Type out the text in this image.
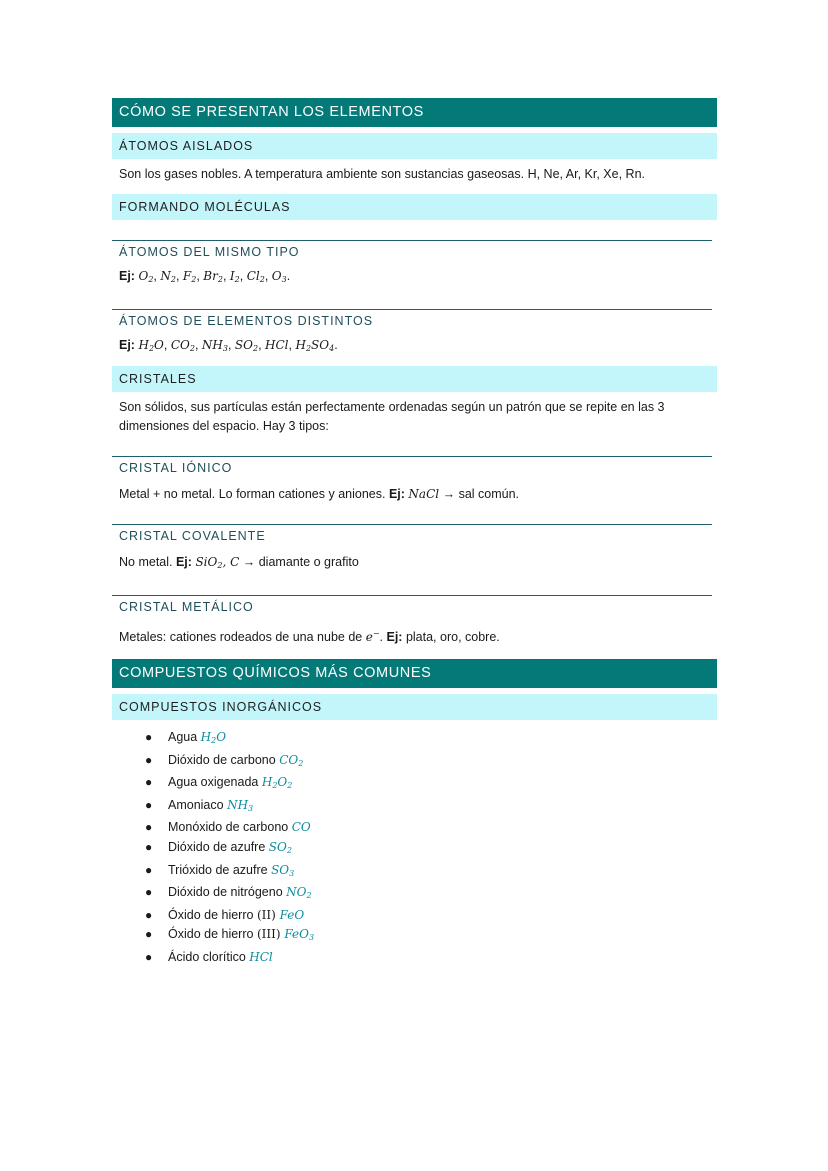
CÓMO SE PRESENTAN LOS ELEMENTOS
ÁTOMOS AISLADOS

Son los gases nobles. A temperatura ambiente son sustancias gaseosas. H, Ne, Ar, Kr, Xe, Rn.

FORMANDO MOLÉCULAS
ÁTOMOS DEL MISMO TIPO

Ej: $O_2$, $N_2$, $F_2$, $Br_2$, $I_2$, $Cl_2$, $O_3$.

ÁTOMOS DE ELEMENTOS DISTINTOS

Ej: $H_2O$, $CO_2$, $NH_3$, $SO_2$, HCl, $H_2SO_4$.

CRISTALES

Son sólidos, sus partículas están perfectamente ordenadas según un patrón que se repite en las 3 dimensiones del espacio. Hay 3 tipos:

CRISTAL IÓNICO

Metal + no metal. Lo forman cationes y aniones. Ej: NaCl → sal común.

CRISTAL COVALENTE

No metal. Ej: SiO$_2$, C → diamante o grafito

CRISTAL METÁLICO

Metales: cationes rodeados de una nube de e−. Ej: plata, oro, cobre.

COMPUESTOS QUÍMICOS MÁS COMUNES
COMPUESTOS INORGÁNICOS
● Agua $H_2O$
● Dióxido de carbono $CO_2$
● Agua oxigenada $H_2O_2$
● Amoniaco $NH_3$
● Monóxido de carbono CO
● Dióxido de azufre $SO_2$
● Trióxido de azufre $SO_3$
● Dióxido de nitrógeno $NO_2$
● Óxido de hierro (II) FeO
● Óxido de hierro (III) FeO$_3$
● Ácido clorítico HCl
